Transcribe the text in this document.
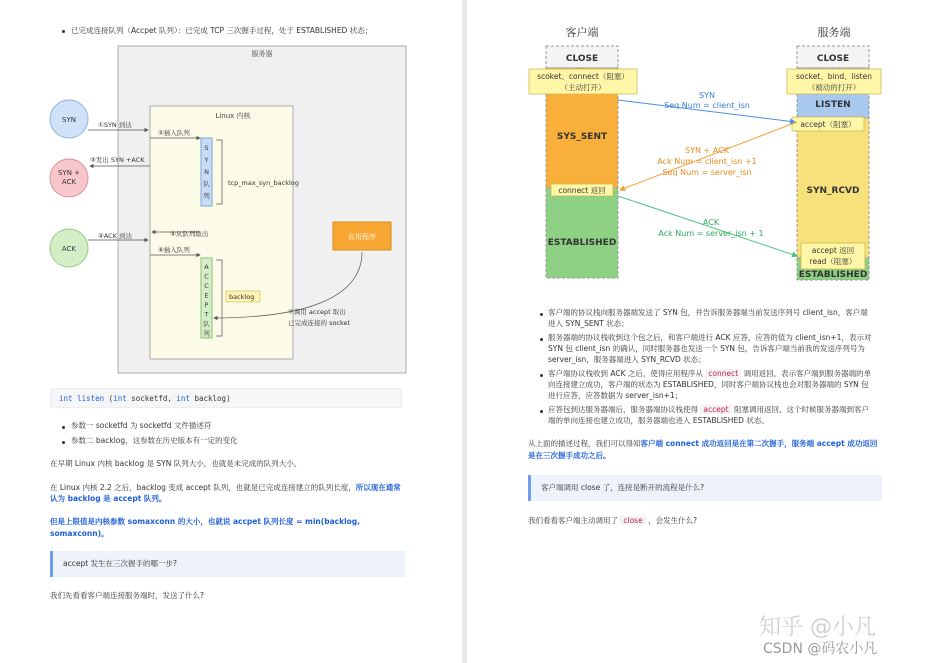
已完成连接队列（Accpet 队列）：已完成 TCP 三次握手过程，处于 ESTABLISHED 状态；
服务器
Linux 内核
SYN
SYN +
ACK
ACK
①SYN 到达
②插入队列
③发出 SYN +ACK
④ACK 到达	⑤从队列取出
⑥插入队列
S
Y
N
队
列
tcp_max_syn_backlog
A
C
C
E
P
T
队
列
backlog
应用程序
⑦调用 accept 取出
已完成连接的 socket
int listen (int socketfd, int backlog)
参数一 socketfd 为 socketfd 文件描述符
参数二 backlog，这参数在历史版本有一定的变化
在早期 Linux 内核 backlog 是 SYN 队列大小，也就是未完成的队列大小。
在 Linux 内核 2.2 之后，backlog 变成 accept 队列，也就是已完成连接建立的队列长度，所以现在通常
认为 backlog 是 accept 队列。
但是上限值是内核参数 somaxconn 的大小，也就说 accpet 队列长度 = min(backlog,
somaxconn)。
accept 发生在三次握手的哪一步?
我们先看看客户端连接服务端时，发送了什么?
客户端	服务端
CLOSE
SYS_SENT
ESTABLISHED
scoket、connect（阻塞）
（主动打开）
connect 返回
CLOSE
LISTEN
SYN_RCVD
ESTABLISHED
socket、bind、listen
（被动的打开）
accept（阻塞）
accept 返回
read（阻塞）
SYN
Seq Num = client_isn
SYN + ACK
Ack Num = client_isn +1
Seq Num = server_isn
ACK
Ack Num = server_isn + 1
客户端的协议栈向服务器端发送了 SYN 包，并告诉服务器端当前发送序列号 client_isn，客户端
进入 SYN_SENT 状态；
服务器端的协议栈收到这个包之后，和客户端进行 ACK 应答，应答的值为 client_isn+1，表示对
SYN 包 client_isn 的确认，同时服务器也发送一个 SYN 包，告诉客户端当前我的发送序列号为
server_isn，服务器端进入 SYN_RCVD 状态；
客户端协议栈收到 ACK 之后，使得应用程序从 connect 调用返回，表示客户端到服务器端的单
向连接建立成功，客户端的状态为 ESTABLISHED，同时客户端协议栈也会对服务器端的 SYN 包
进行应答，应答数据为 server_isn+1；
应答包到达服务器端后，服务器端协议栈使得 accept 阻塞调用返回，这个时候服务器端到客户
端的单向连接也建立成功，服务器端也进入 ESTABLISHED 状态。
从上面的描述过程，我们可以得知客户端 connect 成功返回是在第二次握手，服务端 accept 成功返回
是在三次握手成功之后。
客户端调用 close 了，连接是断开的流程是什么?
我们看看客户端主动调用了 close ，会发生什么?
知乎 @小凡
CSDN @码农小凡
